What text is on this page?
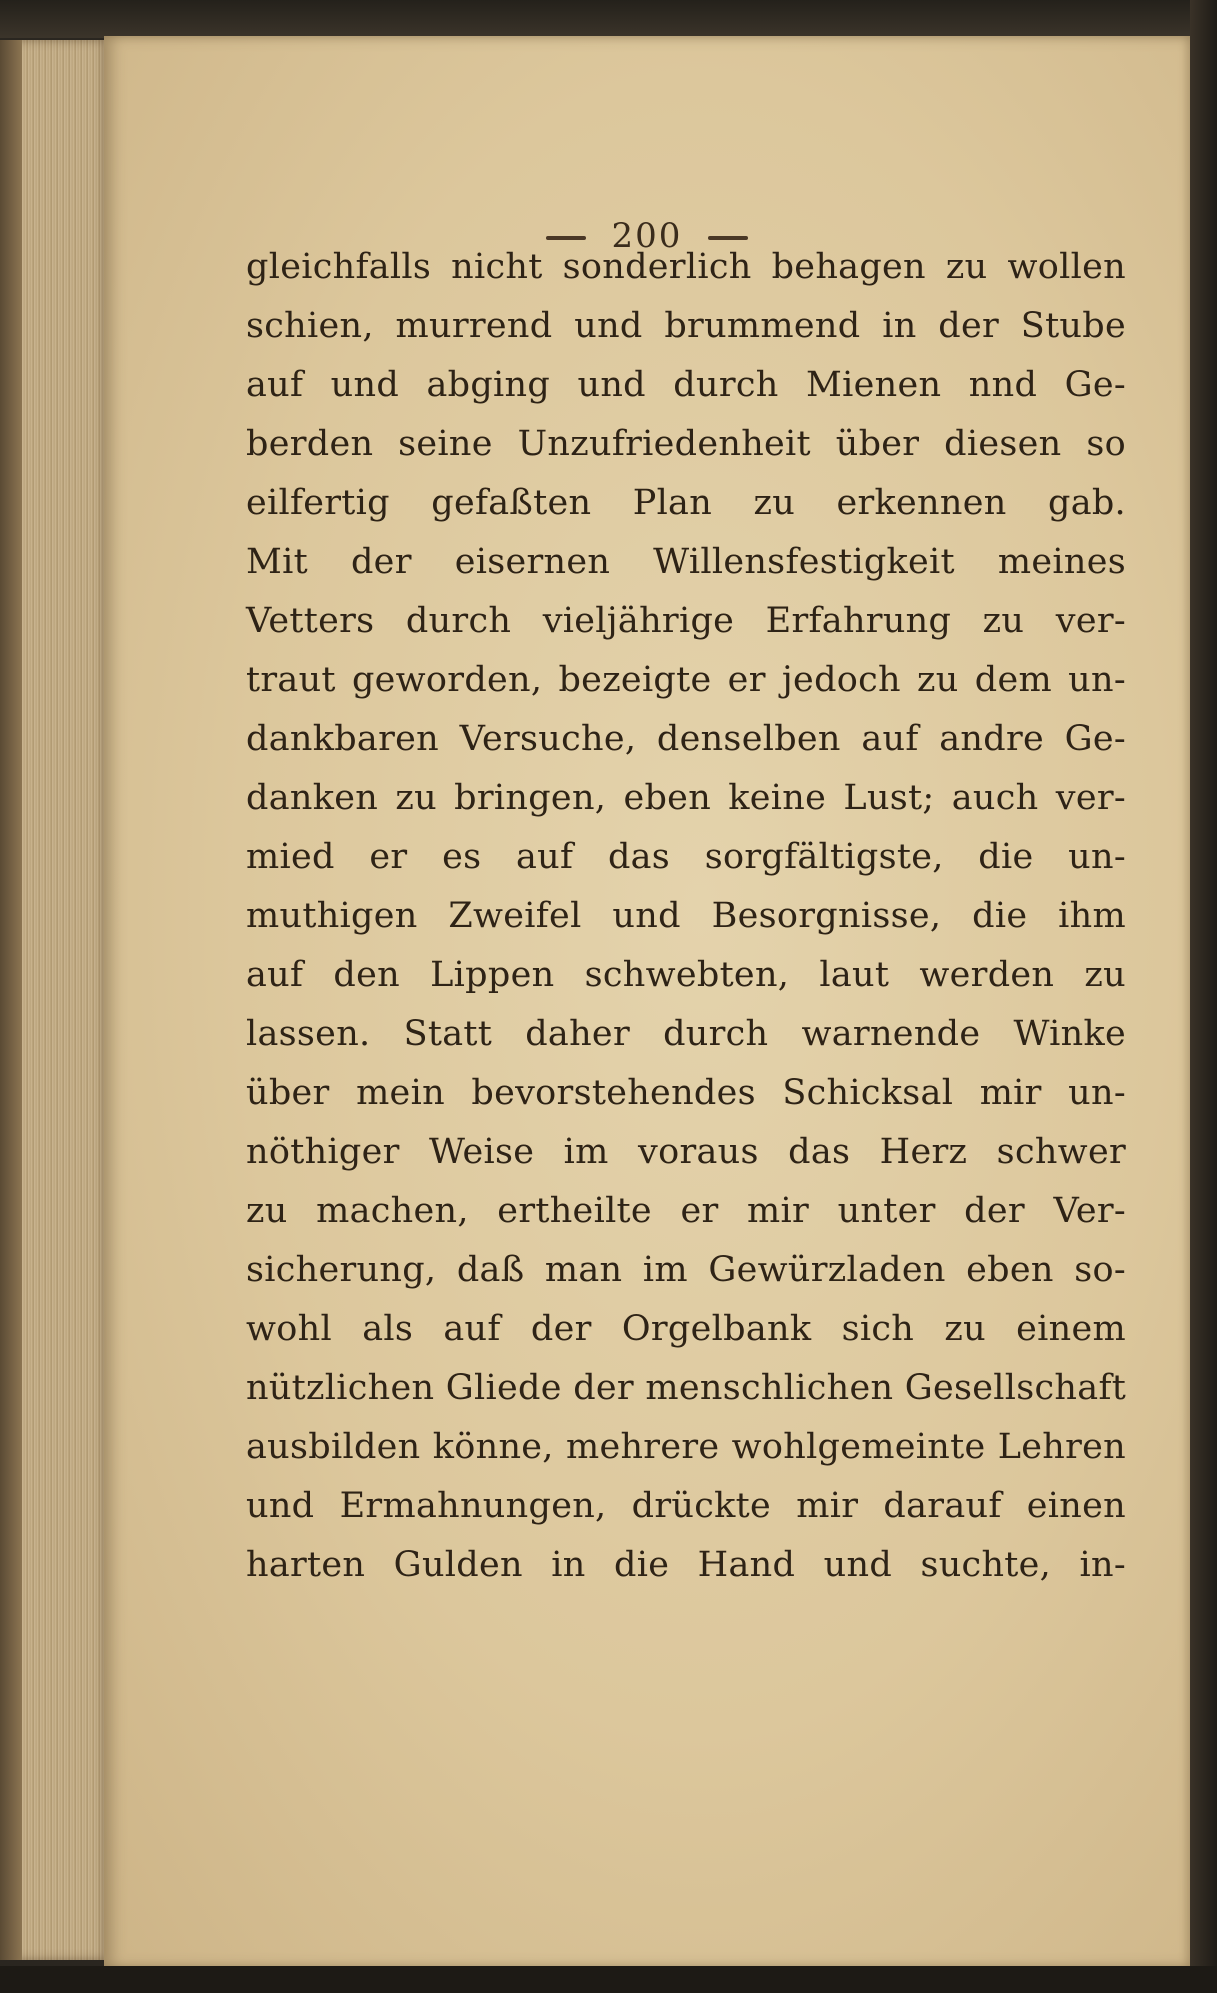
200
gleichfalls nicht sonderlich behagen zu wollen
schien, murrend und brummend in der Stube
auf und abging und durch Mienen nnd Ge-
berden seine Unzufriedenheit über diesen so
eilfertig gefaßten Plan zu erkennen gab.
Mit der eisernen Willensfestigkeit meines
Vetters durch vieljährige Erfahrung zu ver-
traut geworden, bezeigte er jedoch zu dem un-
dankbaren Versuche, denselben auf andre Ge-
danken zu bringen, eben keine Lust; auch ver-
mied er es auf das sorgfältigste, die un-
muthigen Zweifel und Besorgnisse, die ihm
auf den Lippen schwebten, laut werden zu
lassen. Statt daher durch warnende Winke
über mein bevorstehendes Schicksal mir un-
nöthiger Weise im voraus das Herz schwer
zu machen, ertheilte er mir unter der Ver-
sicherung, daß man im Gewürzladen eben so-
wohl als auf der Orgelbank sich zu einem
nützlichen Gliede der menschlichen Gesellschaft
ausbilden könne, mehrere wohlgemeinte Lehren
und Ermahnungen, drückte mir darauf einen
harten Gulden in die Hand und suchte, in-
